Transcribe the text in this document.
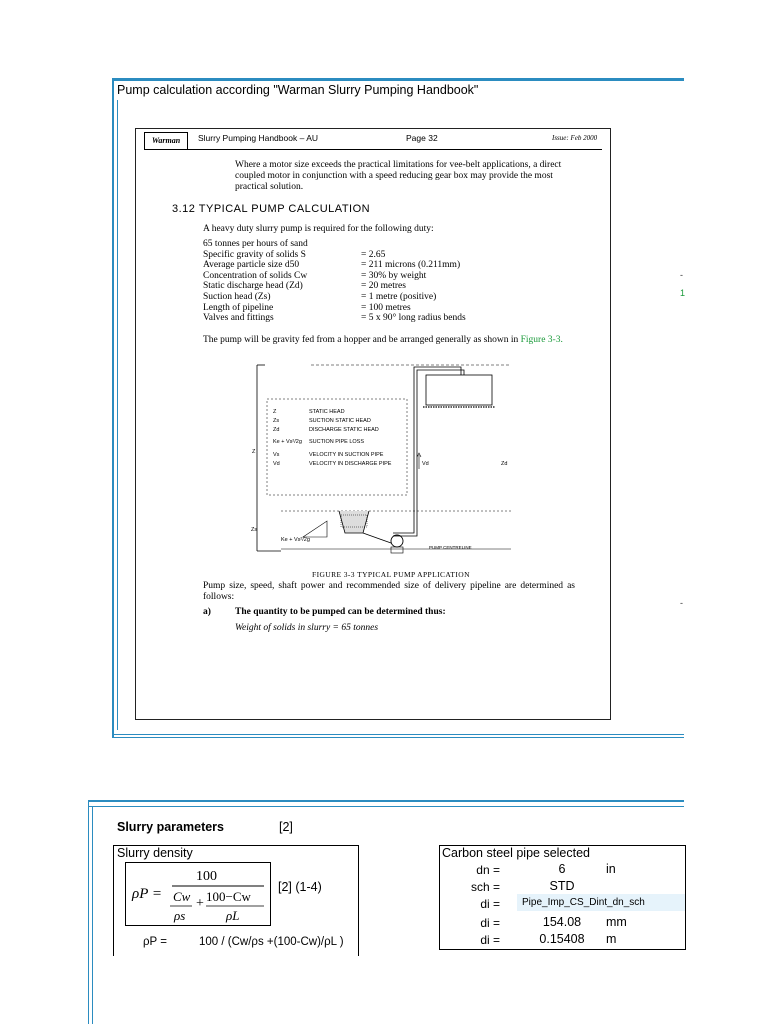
Pump calculation according "Warman Slurry Pumping Handbook"
Warman	Slurry Pumping Handbook – AU	Page 32	Issue: Feb 2000
Where a motor size exceeds the practical limitations for vee-belt applications, a direct coupled motor in conjunction with a speed reducing gear box may provide the most practical solution.
3.12 TYPICAL PUMP CALCULATION
A heavy duty slurry pump is required for the following duty:
65 tonnes per hours of sand
Specific gravity of solids S	= 2.65
Average particle size d50	= 211 microns (0.211mm)
Concentration of solids Cw	= 30% by weight
Static discharge head (Zd)	= 20 metres
Suction head (Zs)	= 1 metre (positive)
Length of pipeline	= 100 metres
Valves and fittings	= 5 x 90° long radius bends
The pump will be gravity fed from a hopper and be arranged generally as shown in Figure 3-3.
Z	STATIC HEAD
Zs	SUCTION STATIC HEAD
Zd	DISCHARGE STATIC HEAD
Ke + Vs²/2g SUCTION PIPE LOSS
Vs	VELOCITY IN SUCTION PIPE
Vd	VELOCITY IN DISCHARGE PIPE
Z
Zd
Zs
Vd
Ke + Vs²/2g
PUMP CENTRELINE
FIGURE 3-3 TYPICAL PUMP APPLICATION
Pump size, speed, shaft power and recommended size of delivery pipeline are determined as follows:
a)	The quantity to be pumped can be determined thus:
Weight of solids in slurry = 65 tonnes
-
1
-
Slurry parameters	[2]
Slurry density
ρP =
100
Cw
ρs
+ 100−Cw
ρL
[2] (1-4)
ρP =	100 / (Cw/ρs +(100-Cw)/ρL )
Carbon steel pipe selected
dn =	6	in
sch =	STD
di =	Pipe_Imp_CS_Dint_dn_sch
di =	154.08	mm
di =	0.15408	m
